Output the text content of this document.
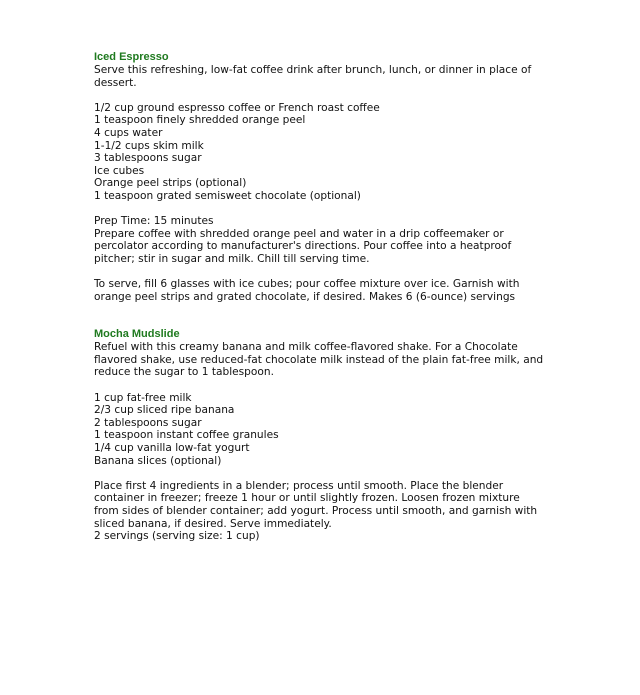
Iced Espresso
Serve this refreshing, low-fat coffee drink after brunch, lunch, or dinner in place of
dessert.
1/2 cup ground espresso coffee or French roast coffee
1 teaspoon finely shredded orange peel
4 cups water
1-1/2 cups skim milk
3 tablespoons sugar
Ice cubes
Orange peel strips (optional)
1 teaspoon grated semisweet chocolate (optional)
Prep Time: 15 minutes
Prepare coffee with shredded orange peel and water in a drip coffeemaker or
percolator according to manufacturer's directions. Pour coffee into a heatproof
pitcher; stir in sugar and milk. Chill till serving time.
To serve, fill 6 glasses with ice cubes; pour coffee mixture over ice. Garnish with
orange peel strips and grated chocolate, if desired. Makes 6 (6-ounce) servings
Mocha Mudslide
Refuel with this creamy banana and milk coffee-flavored shake. For a Chocolate
flavored shake, use reduced-fat chocolate milk instead of the plain fat-free milk, and
reduce the sugar to 1 tablespoon.
1 cup fat-free milk
2/3 cup sliced ripe banana
2 tablespoons sugar
1 teaspoon instant coffee granules
1/4 cup vanilla low-fat yogurt
Banana slices (optional)
Place first 4 ingredients in a blender; process until smooth. Place the blender
container in freezer; freeze 1 hour or until slightly frozen. Loosen frozen mixture
from sides of blender container; add yogurt. Process until smooth, and garnish with
sliced banana, if desired. Serve immediately.
2 servings (serving size: 1 cup)
